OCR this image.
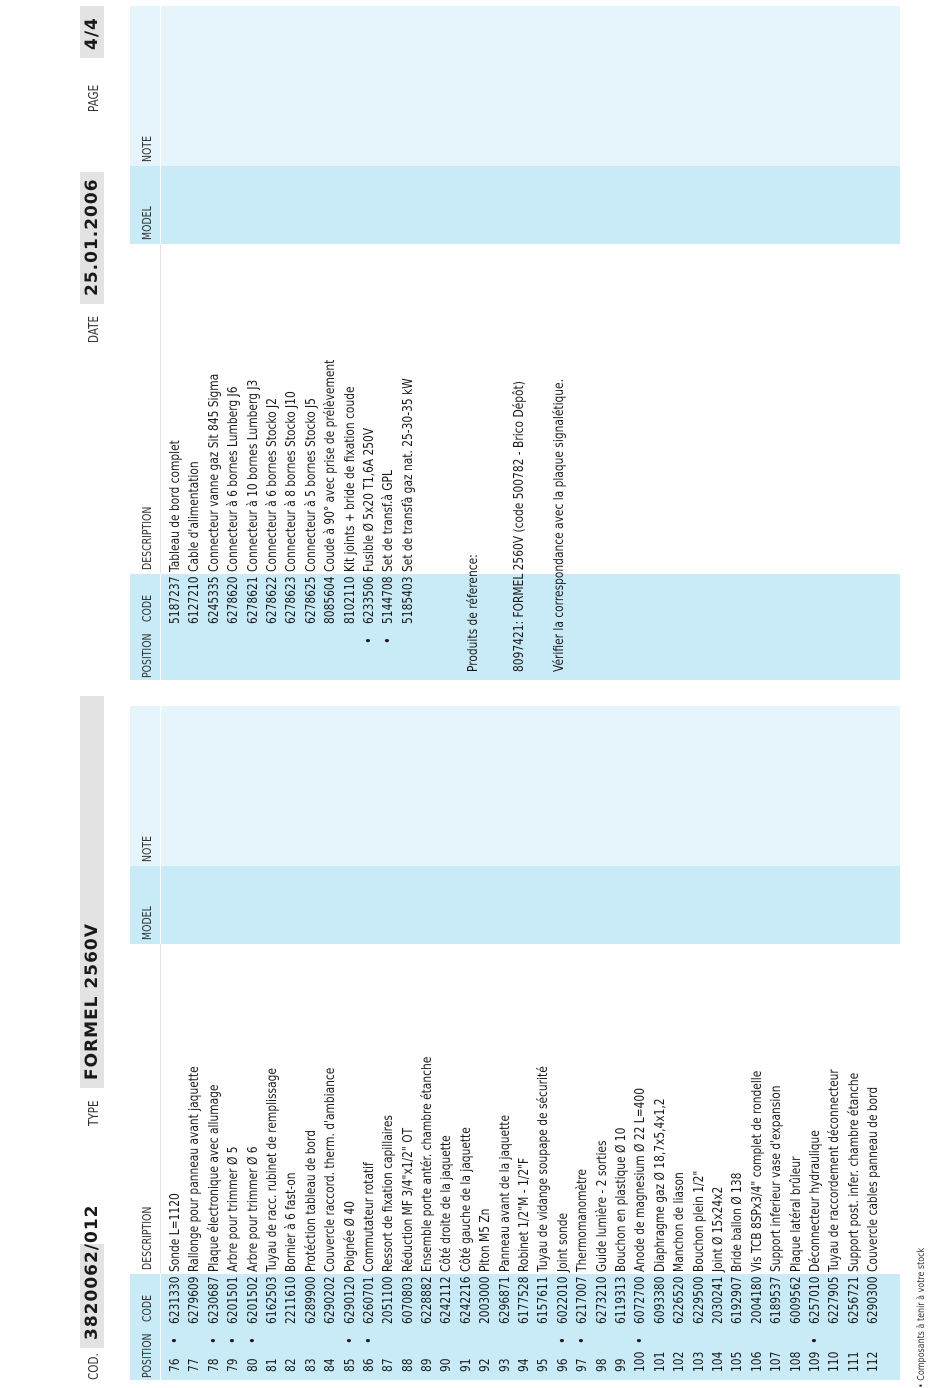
COD.
3820062/012
TYPE
FORMEL 2560V
DATE
25.01.2006
PAGE
4/4
POSITION
CODE
DESCRIPTION
MODEL
NOTE
76
•
6231330
Sonde L=1120
77
6279609
Rallonge pour panneau avant jaquette
78
•
6230687
Plaque électronique avec allumage
79
•
6201501
Arbre pour trimmer Ø 5
80
•
6201502
Arbre pour trimmer Ø 6
81
6162503
Tuyau de racc. rubinet de remplissage
82
2211610
Bornier à 6 fast-on
83
6289900
Protéction tableau de bord
84
6290202
Couvercle raccord. therm. d'ambiance
85
•
6290120
Poignée Ø 40
86
•
6260701
Commutateur rotatif
87
2051100
Ressort de fixation capillaires
88
6070803
Réduction MF 3/4"x1/2" OT
89
6228882
Ensemble porte antér. chambre étanche
90
6242112
Côté droite de la jaquette
91
6242216
Côté gauche de la jaquette
92
2003000
Piton M5 Zn
93
6296871
Panneau avant de la jaquette
94
6177528
Robinet 1/2"M - 1/2"F
95
6157611
Tuyau de vidange soupape de sécurité
96
•
6022010
Joint sonde
97
•
6217007
Thermomanomètre
98
6273210
Guide lumière - 2 sorties
99
6119313
Bouchon en plastique Ø 10
100
•
6072700
Anode de magnesium Ø 22 L=400
101
6093380
Diaphragme gaz Ø 18,7x5,4x1,2
102
6226520
Manchon de liason
103
6229500
Bouchon plein 1/2"
104
2030241
Joint Ø 15x24x2
105
6192907
Bride ballon Ø 138
106
2004180
Vis TCB 8SPx3/4" complet de rondelle
107
6189537
Support inferieur vase d'expansion
108
6009562
Plaque latéral brûleur
109
•
6257010
Déconnecteur hydraulique
110
6227905
Tuyau de raccordement déconnecteur
111
6256721
Support post. infer. chambre étanche
112
6290300
Couvercle cables panneau de bord
POSITION
CODE
DESCRIPTION
MODEL
NOTE
5187237
Tableau de bord complet
6127210
Cable d'alimentation
6245335
Connecteur vanne gaz Sit 845 Sigma
6278620
Connecteur à 6 bornes Lumberg J6
6278621
Connecteur à 10 bornes Lumberg J3
6278622
Connecteur à 6 bornes Stocko J2
6278623
Connecteur à 8 bornes Stocko J10
6278625
Connecteur à 5 bornes Stocko J5
8085604
Coude à 90° avec prise de prélèvement
8102110
Kit joints + bride de fixation coude
•
6233506
Fusible Ø 5x20 T1,6A 250V
•
5144708
Set de transf.à GPL
5185403
Set de transfà gaz nat. 25-30-35 kW
Produits de réference: 8097421: FORMEL 2560V (code 500782 - Brico Dépôt) Vérifier la correspondance avec la plaque signalétique.
• Composants à tenir à votre stock
